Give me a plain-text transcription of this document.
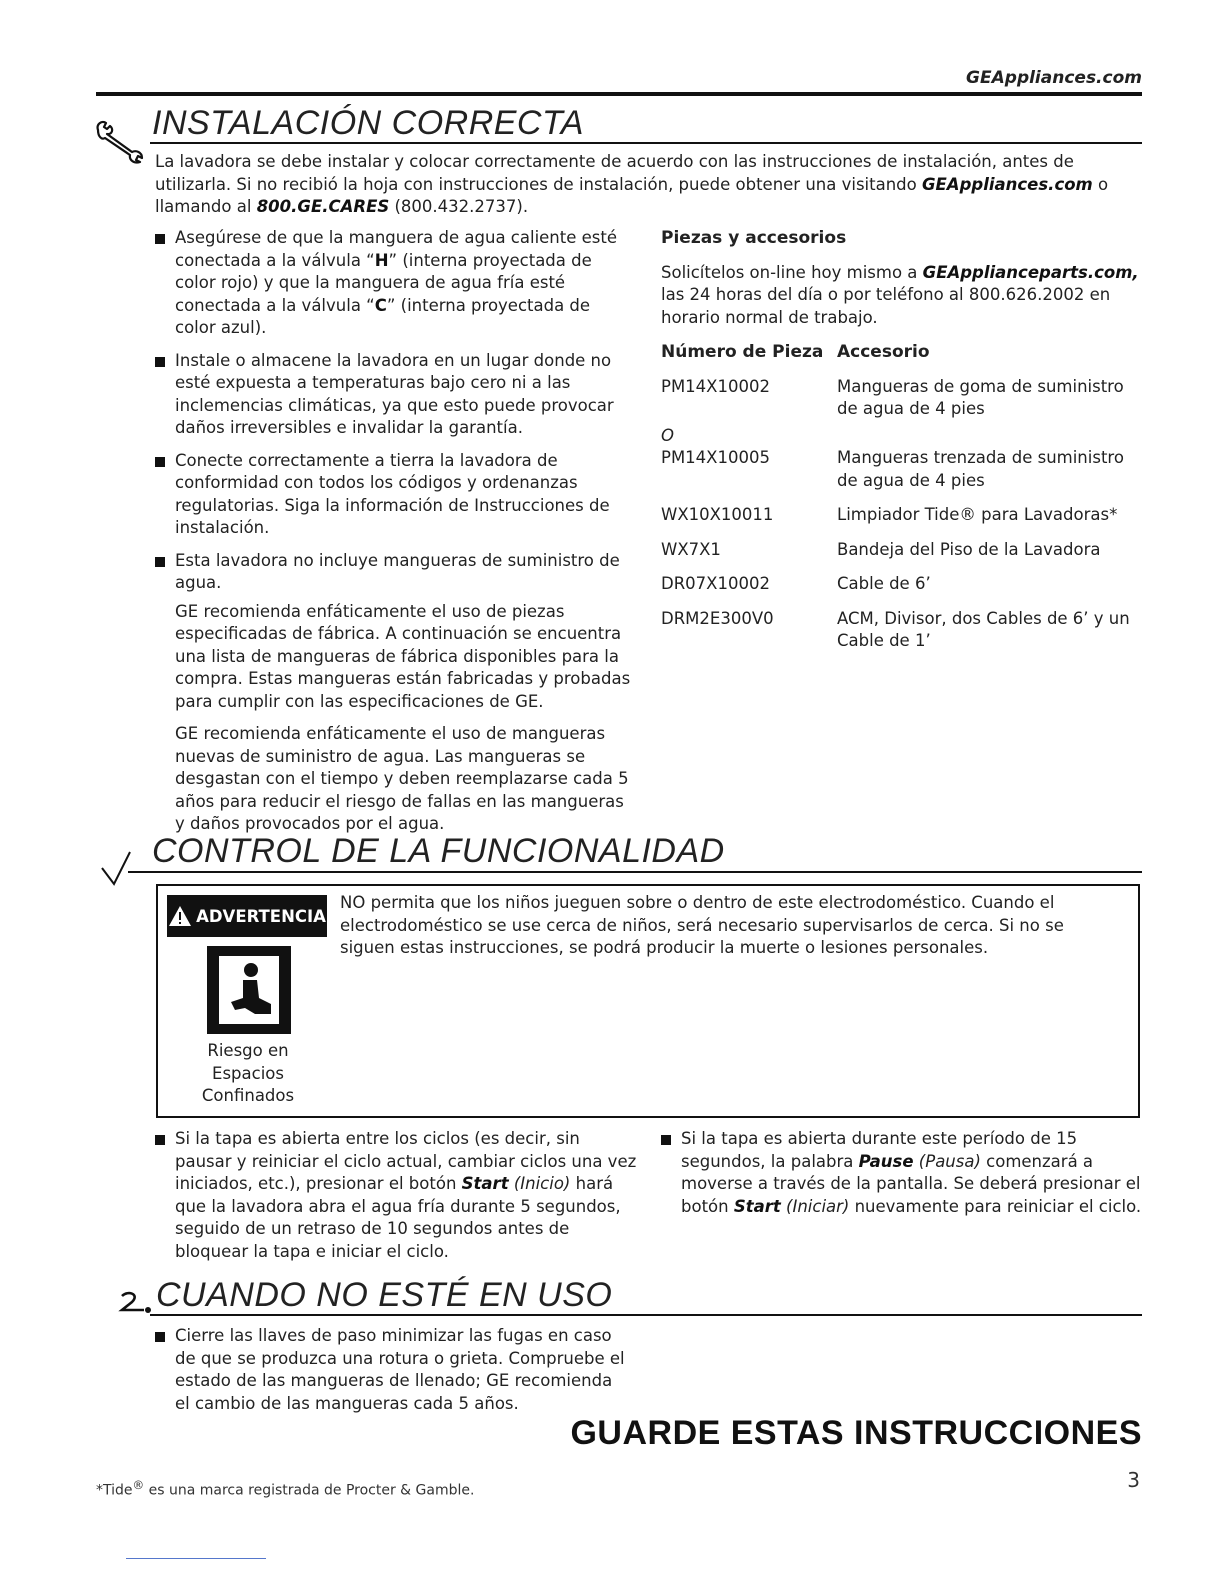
GEAppliances.com
INSTALACIÓN CORRECTA
La lavadora se debe instalar y colocar correctamente de acuerdo con las instrucciones de instalación, antes de utilizarla. Si no recibió la hoja con instrucciones de instalación, puede obtener una visitando GEAppliances.com o llamando al 800.GE.CARES (800.432.2737).
Asegúrese de que la manguera de agua caliente esté conectada a la válvula “H” (interna proyectada de color rojo) y que la manguera de agua fría esté conectada a la válvula “C” (interna proyectada de color azul).
Instale o almacene la lavadora en un lugar donde no esté expuesta a temperaturas bajo cero ni a las inclemencias climáticas, ya que esto puede provocar daños irreversibles e invalidar la garantía.
Conecte correctamente a tierra la lavadora de conformidad con todos los códigos y ordenanzas regulatorias. Siga la información de Instrucciones de instalación.
Esta lavadora no incluye mangueras de suministro de agua.
GE recomienda enfáticamente el uso de piezas especificadas de fábrica. A continuación se encuentra una lista de mangueras de fábrica disponibles para la compra. Estas mangueras están fabricadas y probadas para cumplir con las especificaciones de GE.
GE recomienda enfáticamente el uso de mangueras nuevas de suministro de agua. Las mangueras se desgastan con el tiempo y deben reemplazarse cada 5 años para reducir el riesgo de fallas en las mangueras y daños provocados por el agua.
Piezas y accesorios
Solicítelos on-line hoy mismo a GEApplianceparts.com, las 24 horas del día o por teléfono al 800.626.2002 en horario normal de trabajo.
Número de Pieza	Accesorio
PM14X10002	Mangueras de goma de suministro de agua de 4 pies
O	
PM14X10005	Mangueras trenzada de suministro de agua de 4 pies
WX10X10011	Limpiador Tide® para Lavadoras*
WX7X1	Bandeja del Piso de la Lavadora
DR07X10002	Cable de 6’
DRM2E300V0	ACM, Divisor, dos Cables de 6’ y un Cable de 1’
CONTROL DE LA FUNCIONALIDAD
ADVERTENCIA
Riesgo en
Espacios
Confinados
NO permita que los niños jueguen sobre o dentro de este electrodoméstico. Cuando el electrodoméstico se use cerca de niños, será necesario supervisarlos de cerca. Si no se siguen estas instrucciones, se podrá producir la muerte o lesiones personales.
Si la tapa es abierta entre los ciclos (es decir, sin pausar y reiniciar el ciclo actual, cambiar ciclos una vez iniciados, etc.), presionar el botón Start (Inicio) hará que la lavadora abra el agua fría durante 5 segundos, seguido de un retraso de 10 segundos antes de bloquear la tapa e iniciar el ciclo.
Si la tapa es abierta durante este período de 15 segundos, la palabra Pause (Pausa) comenzará a moverse a través de la pantalla. Se deberá presionar el botón Start (Iniciar) nuevamente para reiniciar el ciclo.
CUANDO NO ESTÉ EN USO
Cierre las llaves de paso minimizar las fugas en caso de que se produzca una rotura o grieta. Compruebe el estado de las mangueras de llenado; GE recomienda el cambio de las mangueras cada 5 años.
GUARDE ESTAS INSTRUCCIONES
*Tide® es una marca registrada de Procter & Gamble.	3
